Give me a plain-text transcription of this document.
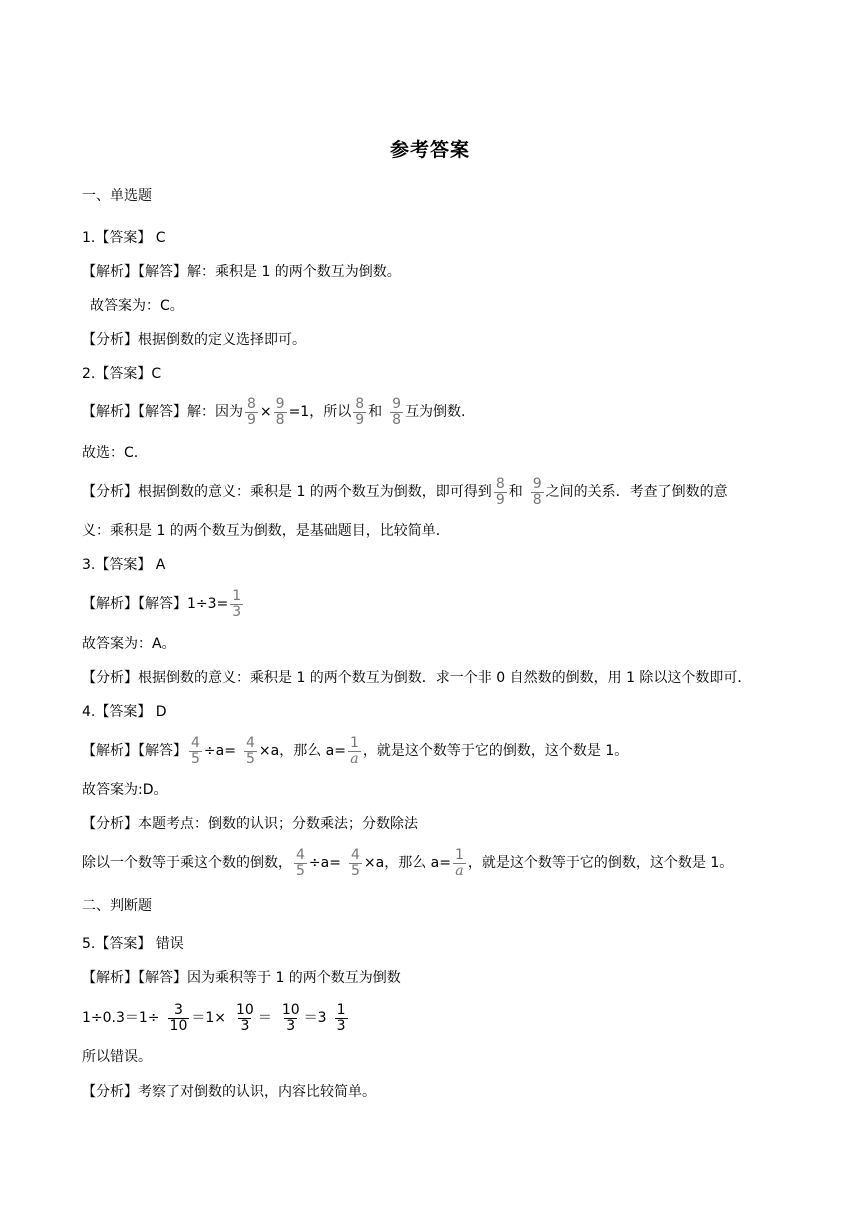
参考答案
一、单选题
1.【答案】 C
【解析】【解答】解：乘积是 1 的两个数互为倒数。
故答案为：C。
【分析】根据倒数的定义选择即可。
2.【答案】C
【解析】【解答】解：因为 $\frac{8}{9} \times \frac{9}{8} =1$，所以 $\frac{8}{9}$ 和 $\frac{9}{8}$ 互为倒数.
故选：C.
【分析】根据倒数的意义：乘积是 1 的两个数互为倒数，即可得到 $\frac{8}{9}$ 和 $\frac{9}{8}$ 之间的关系．考查了倒数的意
义：乘积是 1 的两个数互为倒数，是基础题目，比较简单．
3.【答案】 A
【解析】【解答】$1\div 3= \frac{1}{3}$
故答案为：A。
【分析】根据倒数的意义：乘积是 1 的两个数互为倒数．求一个非 0 自然数的倒数，用 1 除以这个数即可．
4.【答案】 D
【解析】【解答】 $\frac{4}{5} \div a= \frac{4}{5} \times a$，那么 $a= \frac{1}{a}$ ，就是这个数等于它的倒数，这个数是 1。
故答案为:D。
【分析】本题考点：倒数的认识；分数乘法；分数除法
除以一个数等于乘这个数的倒数， $\frac{4}{5} \div a= \frac{4}{5} \times a$，那么 $a= \frac{1}{a}$ ，就是这个数等于它的倒数，这个数是 1。
二、判断题
5.【答案】 错误
【解析】【解答】因为乘积等于 1 的两个数互为倒数
$1\div 0.3=1\div \frac{3}{10} =1\times \frac{10}{3} = \frac{10}{3} =3 \frac{1}{3}$
所以错误。
【分析】考察了对倒数的认识，内容比较简单。
